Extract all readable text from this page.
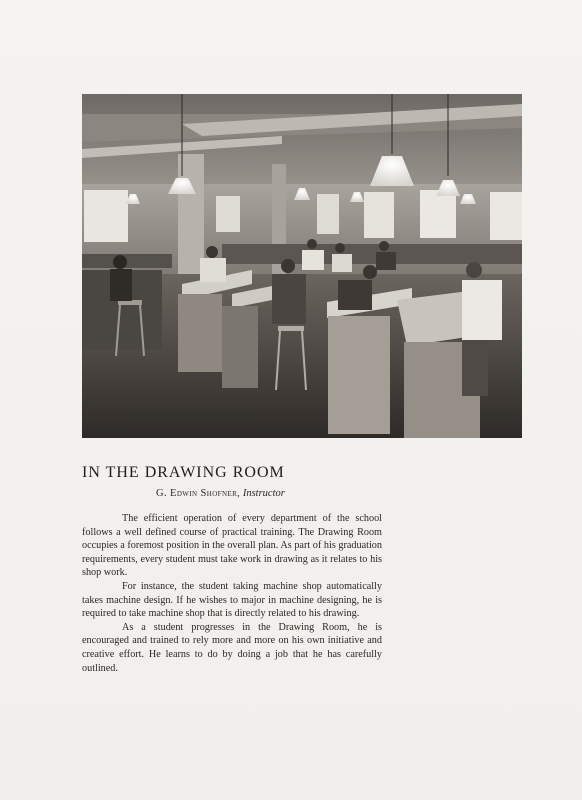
IN THE DRAWING ROOM
G. Edwin Shofner, Instructor

The efficient operation of every department of the school follows a well defined course of practical training. The Drawing Room occupies a foremost position in the overall plan. As part of his graduation requirements, every student must take work in drawing as it relates to his shop work.

For instance, the student taking machine shop automatically takes machine design. If he wishes to major in machine designing, he is required to take machine shop that is directly related to his drawing.

As a student progresses in the Drawing Room, he is encouraged and trained to rely more and more on his own initiative and creative effort. He learns to do by doing a job that he has carefully outlined.
